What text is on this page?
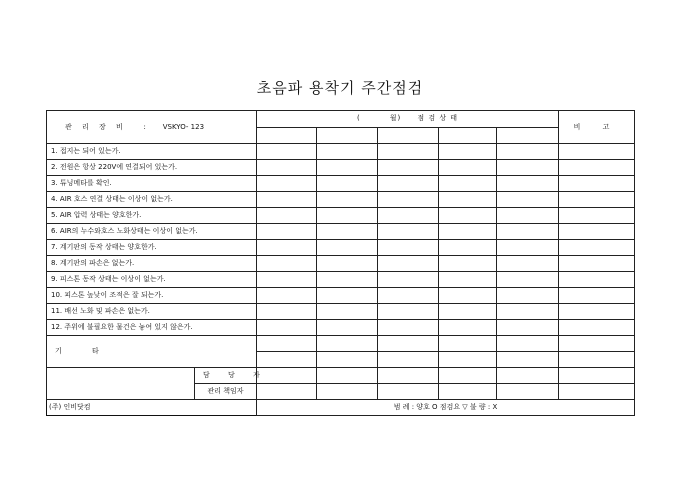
초음파 용착기 주간점검
관 리 장 비 : VSKYO- 123		( 월) 점 검 상 태					비 고

1. 접지는 되어 있는가.							
2. 전원은 항상 220V에 연결되어 있는가.							
3. 튜닝메타를 확인.							
4. AIR 호스 연결 상태는 이상이 없는가.							
5. AIR 압력 상태는 양호한가.							
6. AIR의 누수와호스 노화상태는 이상이 없는가.							
7. 계기판의 동작 상태는 양호한가.							
8. 계기판의 파손은 없는가.							
9. 피스톤 동작 상태는 이상이 없는가.							
10. 피스톤 높낮이 조적은 잘 되는가.							
11. 배선 노화 및 파손은 없는가.							
12. 주위에 불필요한 물건은 놓여 있지 않은가.							
기 타							

	담 당 자						
	관리 책임자						
(주) 인비닷컴		범 례 : 양호 O 점검요 ▽ 불 량 : X					
